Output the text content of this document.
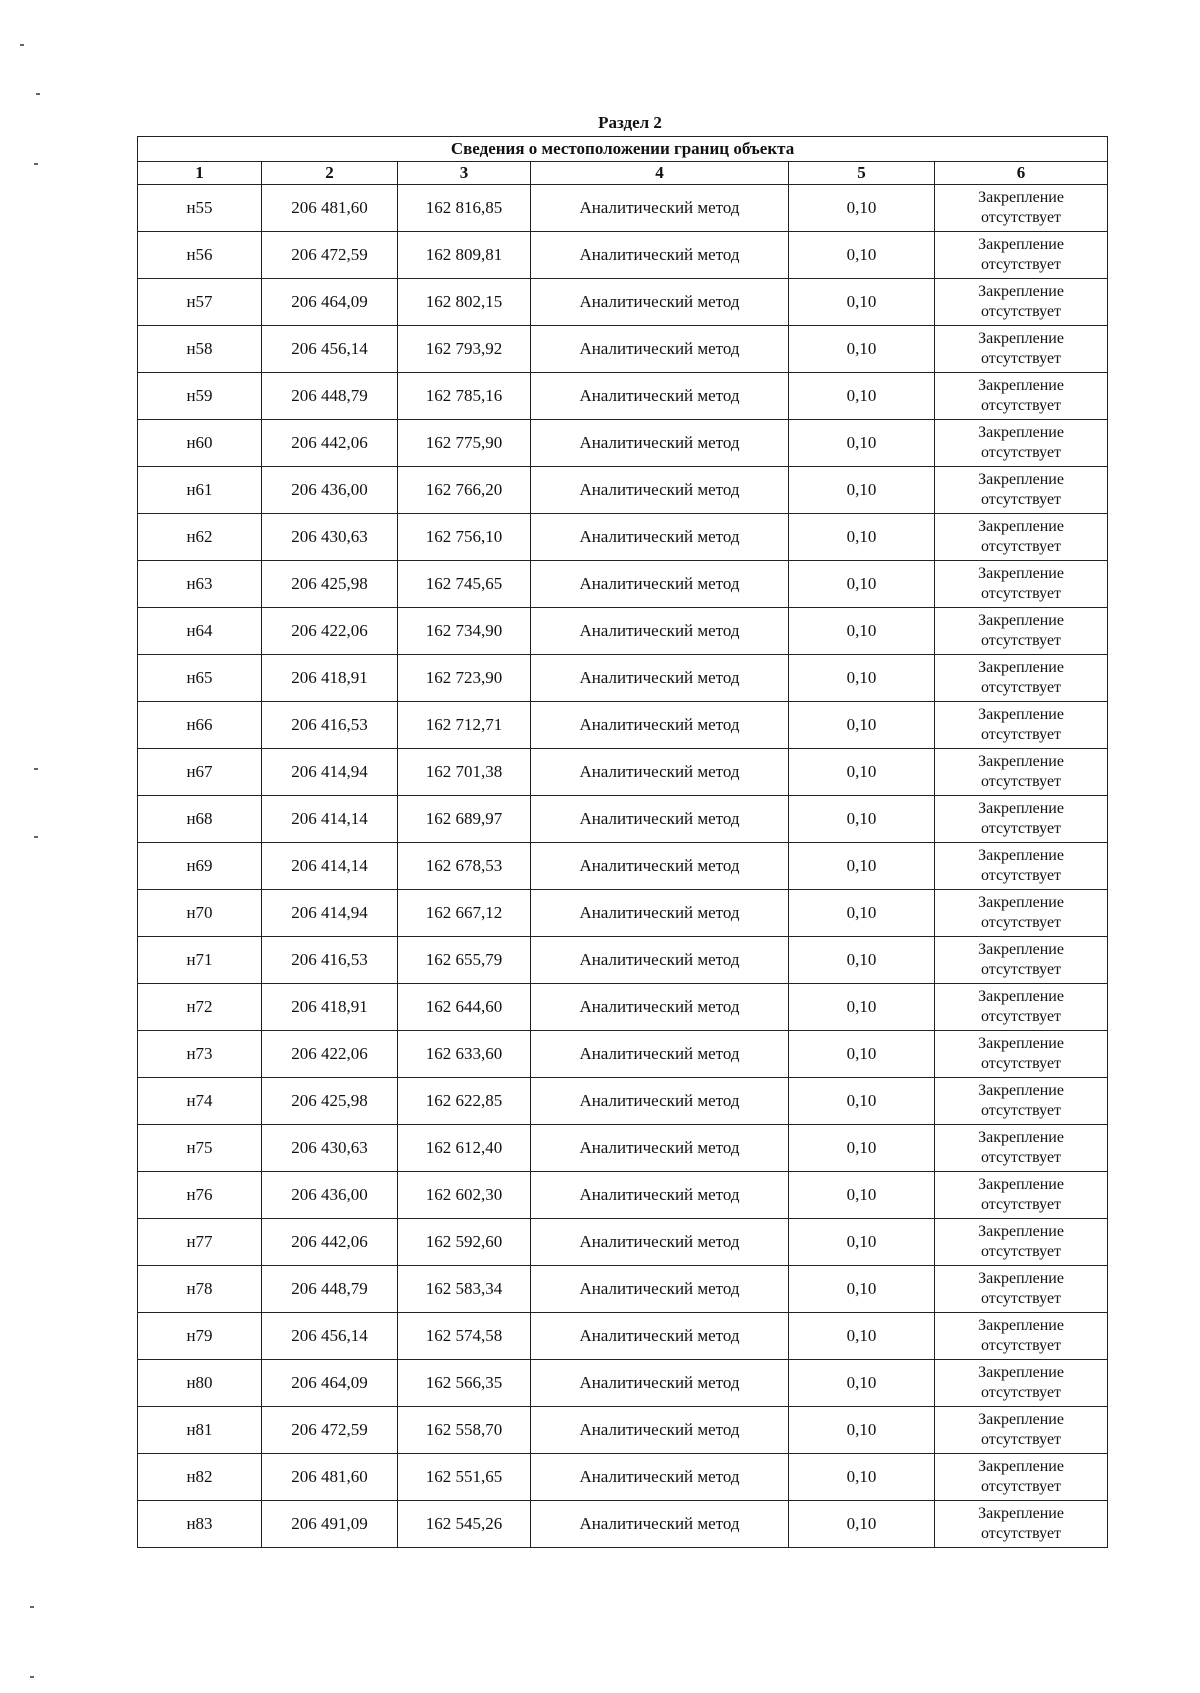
Раздел 2
Сведения о местоположении границ объекта					
1	2	3	4	5	6
н55	206 481,60	162 816,85	Аналитический метод	0,10	Закрепление
отсутствует

н56	206 472,59	162 809,81	Аналитический метод	0,10	Закрепление
отсутствует

н57	206 464,09	162 802,15	Аналитический метод	0,10	Закрепление
отсутствует

н58	206 456,14	162 793,92	Аналитический метод	0,10	Закрепление
отсутствует

н59	206 448,79	162 785,16	Аналитический метод	0,10	Закрепление
отсутствует

н60	206 442,06	162 775,90	Аналитический метод	0,10	Закрепление
отсутствует

н61	206 436,00	162 766,20	Аналитический метод	0,10	Закрепление
отсутствует

н62	206 430,63	162 756,10	Аналитический метод	0,10	Закрепление
отсутствует

н63	206 425,98	162 745,65	Аналитический метод	0,10	Закрепление
отсутствует

н64	206 422,06	162 734,90	Аналитический метод	0,10	Закрепление
отсутствует

н65	206 418,91	162 723,90	Аналитический метод	0,10	Закрепление
отсутствует

н66	206 416,53	162 712,71	Аналитический метод	0,10	Закрепление
отсутствует

н67	206 414,94	162 701,38	Аналитический метод	0,10	Закрепление
отсутствует

н68	206 414,14	162 689,97	Аналитический метод	0,10	Закрепление
отсутствует

н69	206 414,14	162 678,53	Аналитический метод	0,10	Закрепление
отсутствует

н70	206 414,94	162 667,12	Аналитический метод	0,10	Закрепление
отсутствует

н71	206 416,53	162 655,79	Аналитический метод	0,10	Закрепление
отсутствует

н72	206 418,91	162 644,60	Аналитический метод	0,10	Закрепление
отсутствует

н73	206 422,06	162 633,60	Аналитический метод	0,10	Закрепление
отсутствует

н74	206 425,98	162 622,85	Аналитический метод	0,10	Закрепление
отсутствует

н75	206 430,63	162 612,40	Аналитический метод	0,10	Закрепление
отсутствует

н76	206 436,00	162 602,30	Аналитический метод	0,10	Закрепление
отсутствует

н77	206 442,06	162 592,60	Аналитический метод	0,10	Закрепление
отсутствует

н78	206 448,79	162 583,34	Аналитический метод	0,10	Закрепление
отсутствует

н79	206 456,14	162 574,58	Аналитический метод	0,10	Закрепление
отсутствует

н80	206 464,09	162 566,35	Аналитический метод	0,10	Закрепление
отсутствует

н81	206 472,59	162 558,70	Аналитический метод	0,10	Закрепление
отсутствует

н82	206 481,60	162 551,65	Аналитический метод	0,10	Закрепление
отсутствует

н83	206 491,09	162 545,26	Аналитический метод	0,10	Закрепление
отсутствует
